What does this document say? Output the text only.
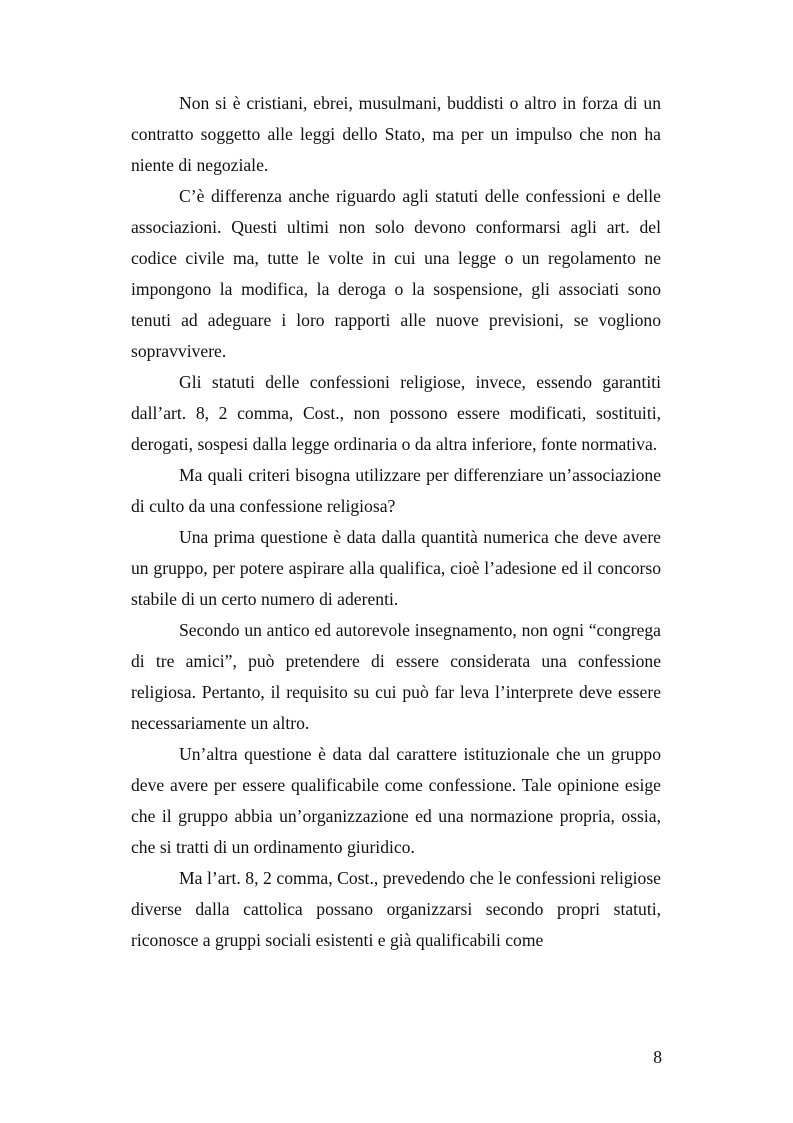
Non si è cristiani, ebrei, musulmani, buddisti o altro in forza di un contratto soggetto alle leggi dello Stato, ma per un impulso che non ha niente di negoziale.

C’è differenza anche riguardo agli statuti delle confessioni e delle associazioni. Questi ultimi non solo devono conformarsi agli art. del codice civile ma, tutte le volte in cui una legge o un regolamento ne impongono la modifica, la deroga o la sospensione, gli associati sono tenuti ad adeguare i loro rapporti alle nuove previsioni, se vogliono sopravvivere.

Gli statuti delle confessioni religiose, invece, essendo garantiti dall’art. 8, 2 comma, Cost., non possono essere modificati, sostituiti, derogati, sospesi dalla legge ordinaria o da altra inferiore, fonte normativa.

Ma quali criteri bisogna utilizzare per differenziare un’associazione di culto da una confessione religiosa?

Una prima questione è data dalla quantità numerica che deve avere un gruppo, per potere aspirare alla qualifica, cioè l’adesione ed il concorso stabile di un certo numero di aderenti.

Secondo un antico ed autorevole insegnamento, non ogni “congrega di tre amici”, può pretendere di essere considerata una confessione religiosa. Pertanto, il requisito su cui può far leva l’interprete deve essere necessariamente un altro.

Un’altra questione è data dal carattere istituzionale che un gruppo deve avere per essere qualificabile come confessione. Tale opinione esige che il gruppo abbia un’organizzazione ed una normazione propria, ossia, che si tratti di un ordinamento giuridico.

Ma l’art. 8, 2 comma, Cost., prevedendo che le confessioni religiose diverse dalla cattolica possano organizzarsi secondo propri statuti, riconosce a gruppi sociali esistenti e già qualificabili come

8
